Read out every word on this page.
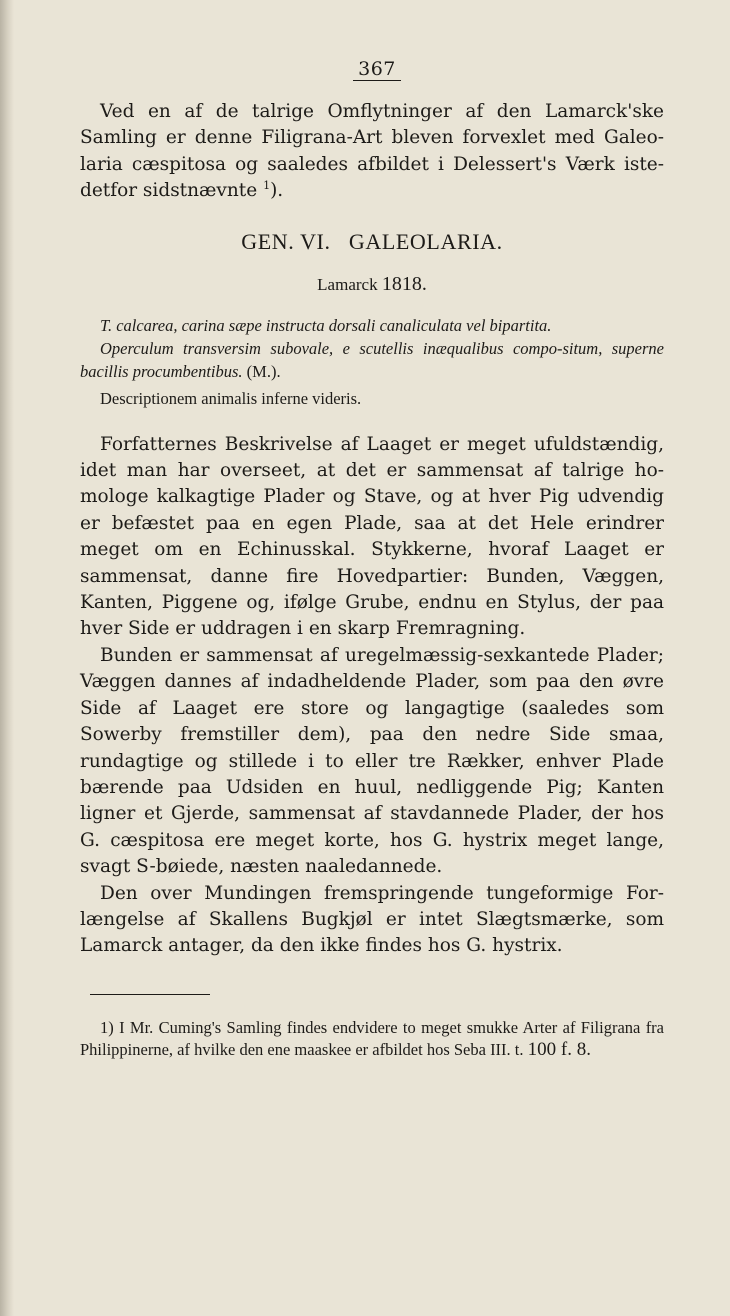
367

Ved en af de talrige Omflytninger af den Lamarck'ske Samling er denne Filigrana-Art bleven forvexlet med Galeo-laria cæspitosa og saaledes afbildet i Delessert's Værk iste-detfor sidstnævnte $^1$).

GEN. VI.   GALEOLARIA.
Lamarck 1818.

T. calcarea, carina sæpe instructa dorsali canaliculata vel bipartita.

Operculum transversim subovale, e scutellis inæqualibus compo-situm, superne bacillis procumbentibus. (M.).

Descriptionem animalis inferne videris.

Forfatternes Beskrivelse af Laaget er meget ufuldstændig, idet man har overseet, at det er sammensat af talrige ho-mologe kalkagtige Plader og Stave, og at hver Pig udvendig er befæstet paa en egen Plade, saa at det Hele erindrer meget om en Echinusskal. Stykkerne, hvoraf Laaget er sammensat, danne fire Hovedpartier: Bunden, Væggen, Kanten, Piggene og, ifølge Grube, endnu en Stylus, der paa hver Side er uddragen i en skarp Fremragning.

Bunden er sammensat af uregelmæssig-sexkantede Plader; Væggen dannes af indadheldende Plader, som paa den øvre Side af Laaget ere store og langagtige (saaledes som Sowerby fremstiller dem), paa den nedre Side smaa, rundagtige og stillede i to eller tre Rækker, enhver Plade bærende paa Udsiden en huul, nedliggende Pig; Kanten ligner et Gjerde, sammensat af stavdannede Plader, der hos G. cæspitosa ere meget korte, hos G. hystrix meget lange, svagt S-bøiede, næsten naaledannede.

Den over Mundingen fremspringende tungeformige For-længelse af Skallens Bugkjøl er intet Slægtsmærke, som Lamarck antager, da den ikke findes hos G. hystrix.

1) I Mr. Cuming's Samling findes endvidere to meget smukke Arter af Filigrana fra Philippinerne, af hvilke den ene maaskee er afbildet hos Seba III. t. 100 f. 8.
